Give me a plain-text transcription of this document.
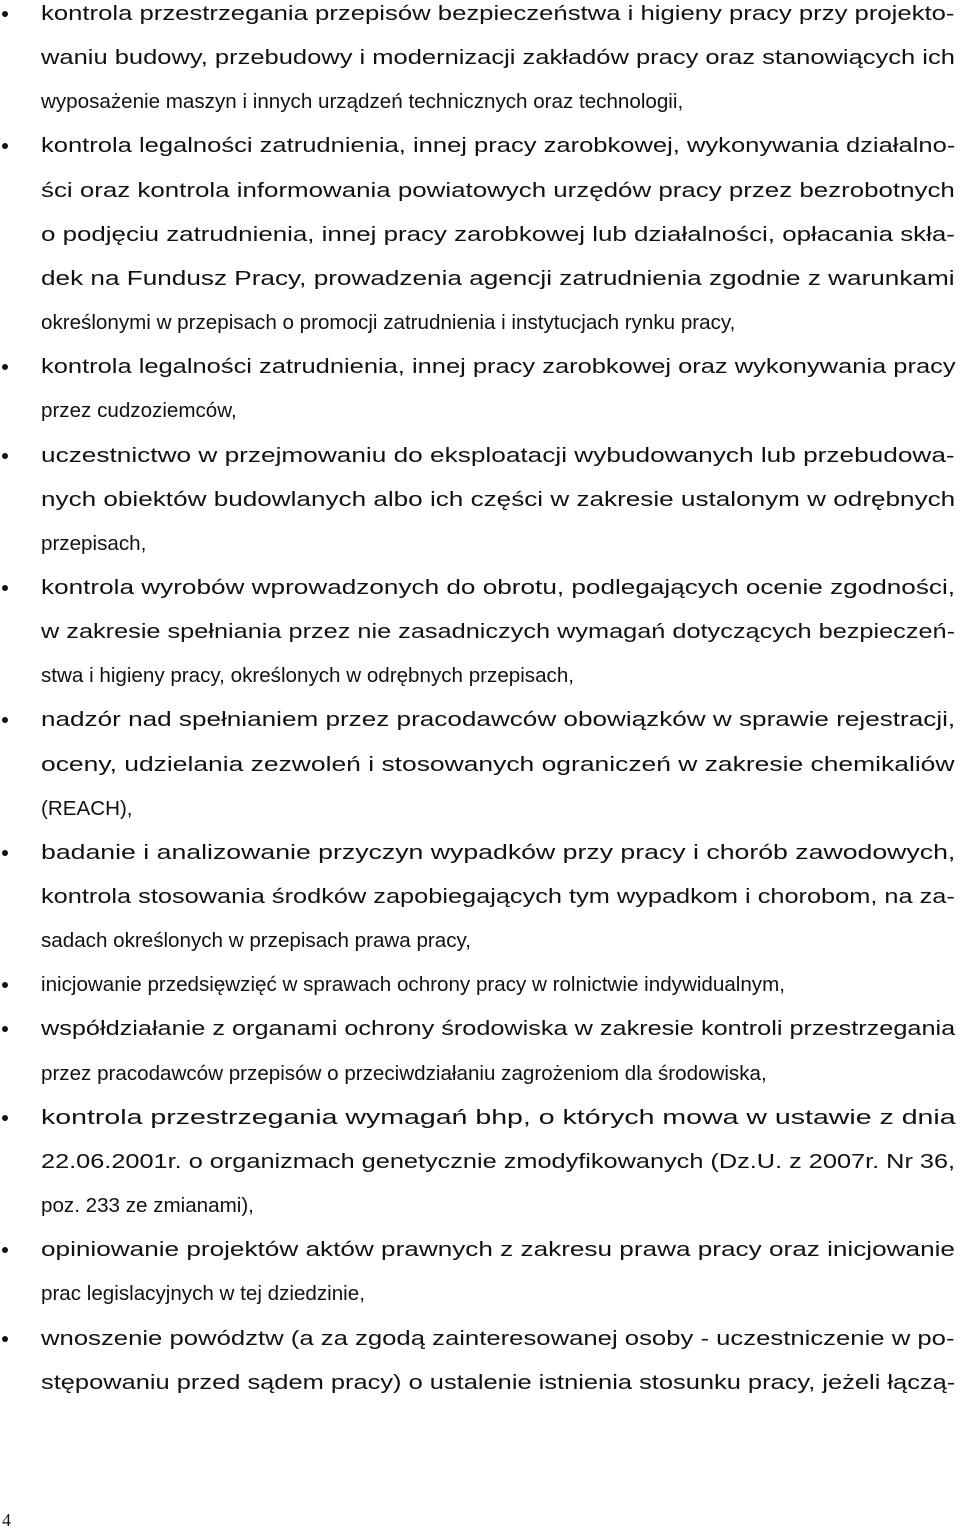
kontrola przestrzegania przepisów bezpieczeństwa i higieny pracy przy projekto-
waniu budowy, przebudowy i modernizacji zakładów pracy oraz stanowiących ich
wyposażenie maszyn i innych urządzeń technicznych oraz technologii,
kontrola legalności zatrudnienia, innej pracy zarobkowej, wykonywania działalno-
ści oraz kontrola informowania powiatowych urzędów pracy przez bezrobotnych
o podjęciu zatrudnienia, innej pracy zarobkowej lub działalności, opłacania skła-
dek na Fundusz Pracy, prowadzenia agencji zatrudnienia zgodnie z warunkami
określonymi w przepisach o promocji zatrudnienia i instytucjach rynku pracy,
kontrola legalności zatrudnienia, innej pracy zarobkowej oraz wykonywania pracy
przez cudzoziemców,
uczestnictwo w przejmowaniu do eksploatacji wybudowanych lub przebudowa-
nych obiektów budowlanych albo ich części w zakresie ustalonym w odrębnych
przepisach,
kontrola wyrobów wprowadzonych do obrotu, podlegających ocenie zgodności,
w zakresie spełniania przez nie zasadniczych wymagań dotyczących bezpieczeń-
stwa i higieny pracy, określonych w odrębnych przepisach,
nadzór nad spełnianiem przez pracodawców obowiązków w sprawie rejestracji,
oceny, udzielania zezwoleń i stosowanych ograniczeń w zakresie chemikaliów
(REACH),
badanie i analizowanie przyczyn wypadków przy pracy i chorób zawodowych,
kontrola stosowania środków zapobiegających tym wypadkom i chorobom, na za-
sadach określonych w przepisach prawa pracy,
inicjowanie przedsięwzięć w sprawach ochrony pracy w rolnictwie indywidualnym,
współdziałanie z organami ochrony środowiska w zakresie kontroli przestrzegania
przez pracodawców przepisów o przeciwdziałaniu zagrożeniom dla środowiska,
kontrola przestrzegania wymagań bhp, o których mowa w ustawie z dnia
22.06.2001r. o organizmach genetycznie zmodyfikowanych (Dz.U. z 2007r. Nr 36,
poz. 233 ze zmianami),
opiniowanie projektów aktów prawnych z zakresu prawa pracy oraz inicjowanie
prac legislacyjnych w tej dziedzinie,
wnoszenie powództw (a za zgodą zainteresowanej osoby - uczestniczenie w po-
stępowaniu przed sądem pracy) o ustalenie istnienia stosunku pracy, jeżeli łączą-
4
